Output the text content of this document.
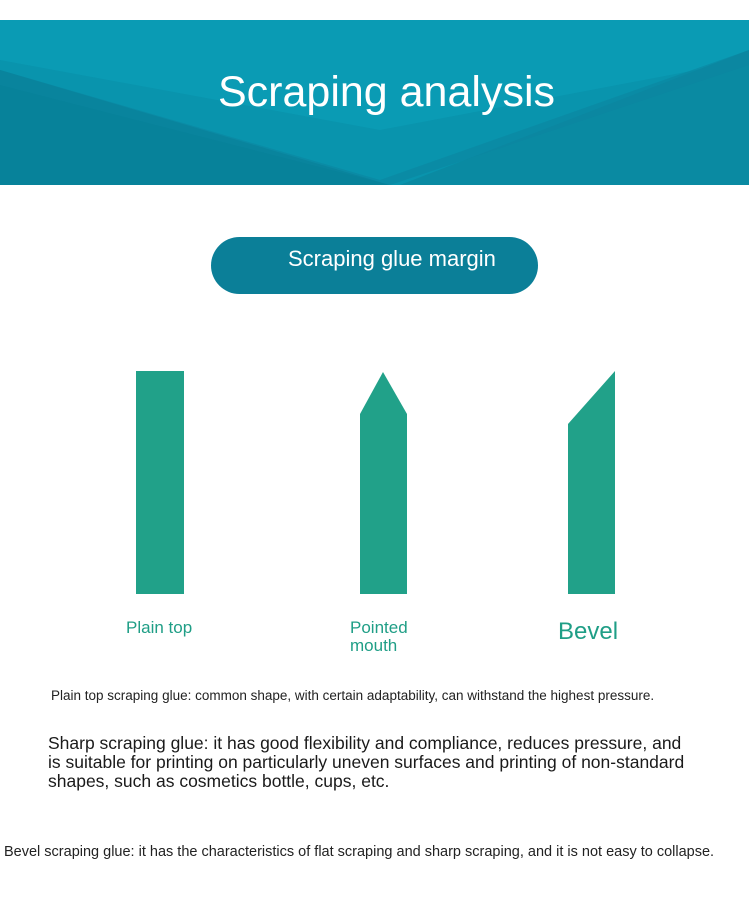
Scraping analysis
Scraping glue margin
Plain top	Pointed mouth
Bevel
Plain top scraping glue: common shape, with certain adaptability, can withstand the highest pressure.
Sharp scraping glue: it has good flexibility and compliance, reduces pressure, and is suitable for printing on particularly uneven surfaces and printing of non-standard shapes, such as cosmetics bottle, cups, etc.
Bevel scraping glue: it has the characteristics of flat scraping and sharp scraping, and it is not easy to collapse.
